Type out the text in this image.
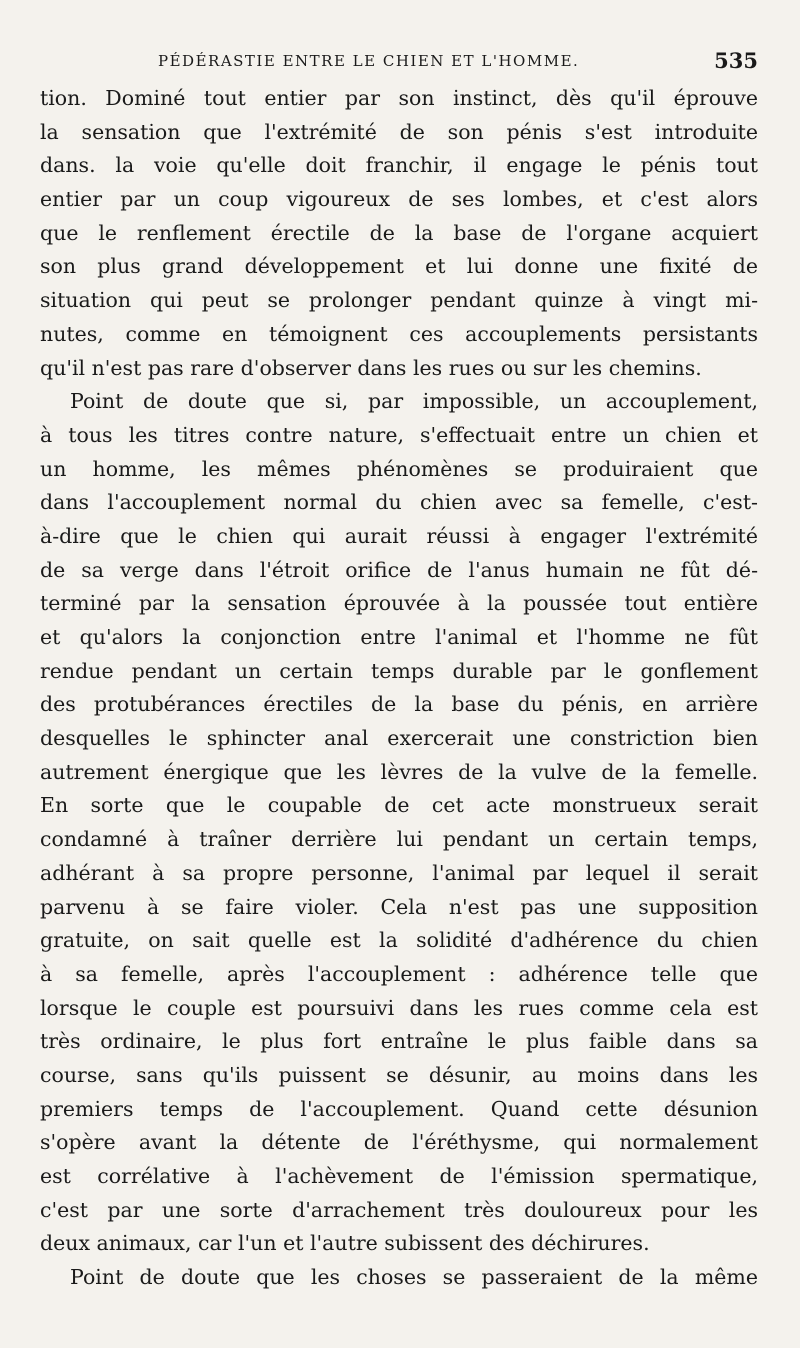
PÉDÉRASTIE ENTRE LE CHIEN ET L'HOMME.	535
tion. Dominé tout entier par son instinct, dès qu'il éprouve
la sensation que l'extrémité de son pénis s'est introduite
dans. la voie qu'elle doit franchir, il engage le pénis tout
entier par un coup vigoureux de ses lombes, et c'est alors
que le renflement érectile de la base de l'organe acquiert
son plus grand développement et lui donne une fixité de
situation qui peut se prolonger pendant quinze à vingt mi-
nutes, comme en témoignent ces accouplements persistants
qu'il n'est pas rare d'observer dans les rues ou sur les chemins.
Point de doute que si, par impossible, un accouplement,
à tous les titres contre nature, s'effectuait entre un chien et
un homme, les mêmes phénomènes se produiraient que
dans l'accouplement normal du chien avec sa femelle, c'est-
à-dire que le chien qui aurait réussi à engager l'extrémité
de sa verge dans l'étroit orifice de l'anus humain ne fût dé-
terminé par la sensation éprouvée à la poussée tout entière
et qu'alors la conjonction entre l'animal et l'homme ne fût
rendue pendant un certain temps durable par le gonflement
des protubérances érectiles de la base du pénis, en arrière
desquelles le sphincter anal exercerait une constriction bien
autrement énergique que les lèvres de la vulve de la femelle.
En sorte que le coupable de cet acte monstrueux serait
condamné à traîner derrière lui pendant un certain temps,
adhérant à sa propre personne, l'animal par lequel il serait
parvenu à se faire violer. Cela n'est pas une supposition
gratuite, on sait quelle est la solidité d'adhérence du chien
à sa femelle, après l'accouplement : adhérence telle que
lorsque le couple est poursuivi dans les rues comme cela est
très ordinaire, le plus fort entraîne le plus faible dans sa
course, sans qu'ils puissent se désunir, au moins dans les
premiers temps de l'accouplement. Quand cette désunion
s'opère avant la détente de l'éréthysme, qui normalement
est corrélative à l'achèvement de l'émission spermatique,
c'est par une sorte d'arrachement très douloureux pour les
deux animaux, car l'un et l'autre subissent des déchirures.
Point de doute que les choses se passeraient de la même
